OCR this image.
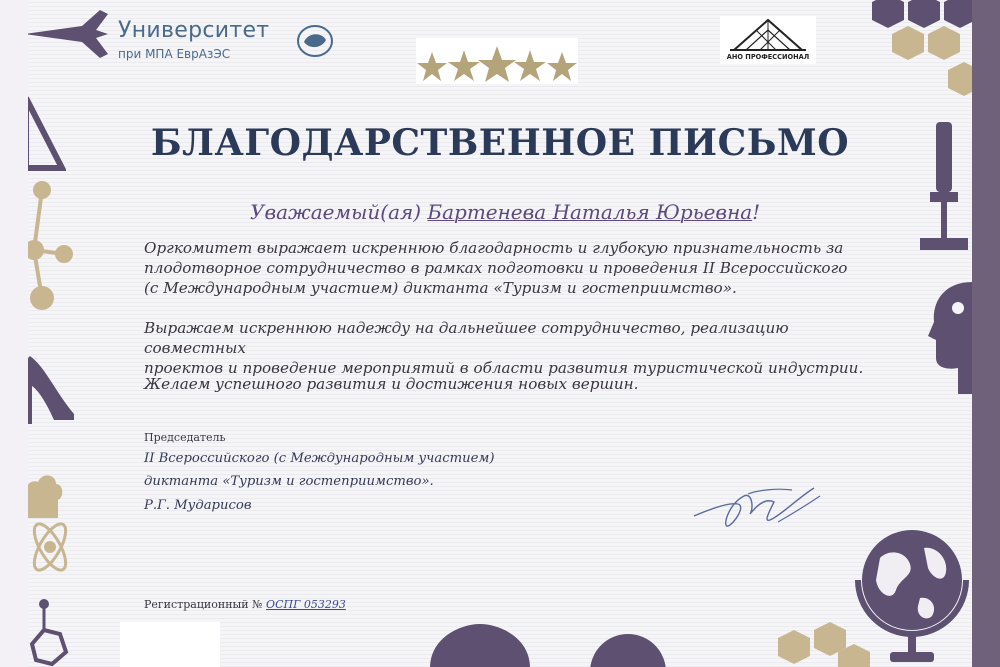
Университет
при МПА ЕврАзЭС	АНО ПРОФЕССИОНАЛ
БЛАГОДАРСТВЕННОЕ ПИСЬМО
Уважаемый(ая) Бартенева Наталья Юрьевна!
Оргкомитет выражает искреннюю благодарность и глубокую признательность за
плодотворное сотрудничество в рамках подготовки и проведения II Всероссийского
(с Международным участием) диктанта «Туризм и гостеприимство».
Выражаем искреннюю надежду на дальнейшее сотрудничество, реализацию совместных
проектов и проведение мероприятий в области развития туристической индустрии.
Желаем успешного развития и достижения новых вершин.
Председатель
II Всероссийского (с Международным участием)
диктанта «Туризм и гостеприимство».
Р.Г. Мударисов
Регистрационный № ОСПГ 053293
